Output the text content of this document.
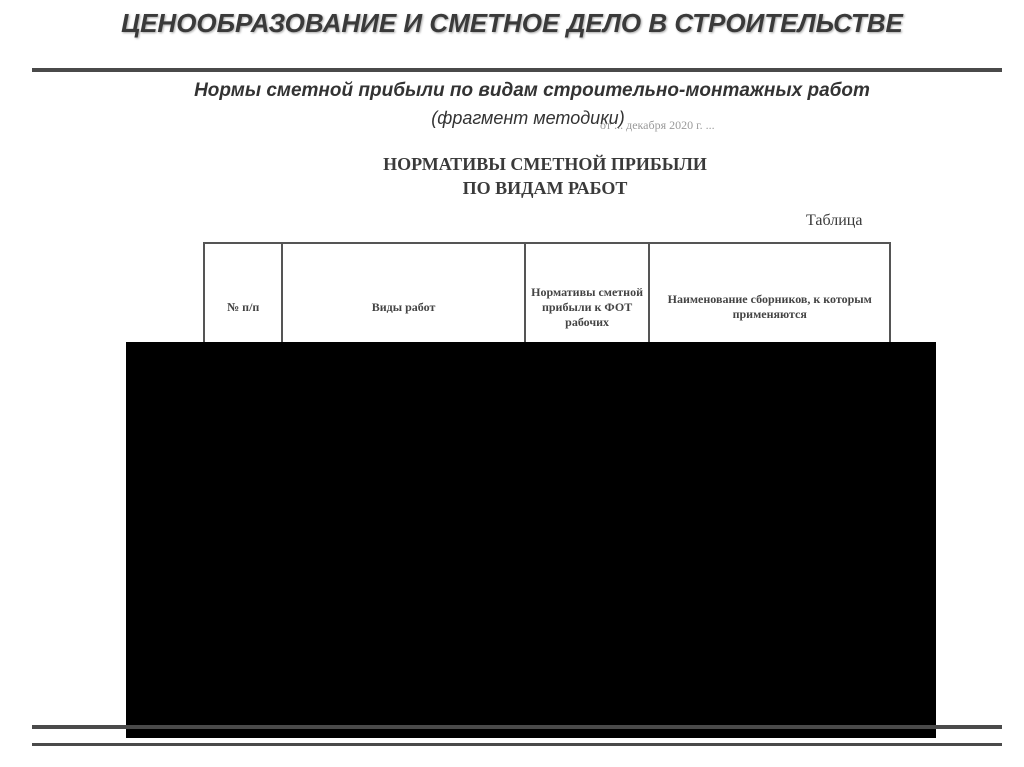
ЦЕНООБРАЗОВАНИЕ И СМЕТНОЕ ДЕЛО В СТРОИТЕЛЬСТВЕ
Нормы сметной прибыли по видам строительно-монтажных работ
(фрагмент методики)
от ... декабря 2020 г. ...
НОРМАТИВЫ СМЕТНОЙ ПРИБЫЛИ
ПО ВИДАМ РАБОТ
Таблица
№ п/п	Виды работ	Нормативы сметной прибыли к ФОТ рабочих	Наименование сборников, к которым применяются
